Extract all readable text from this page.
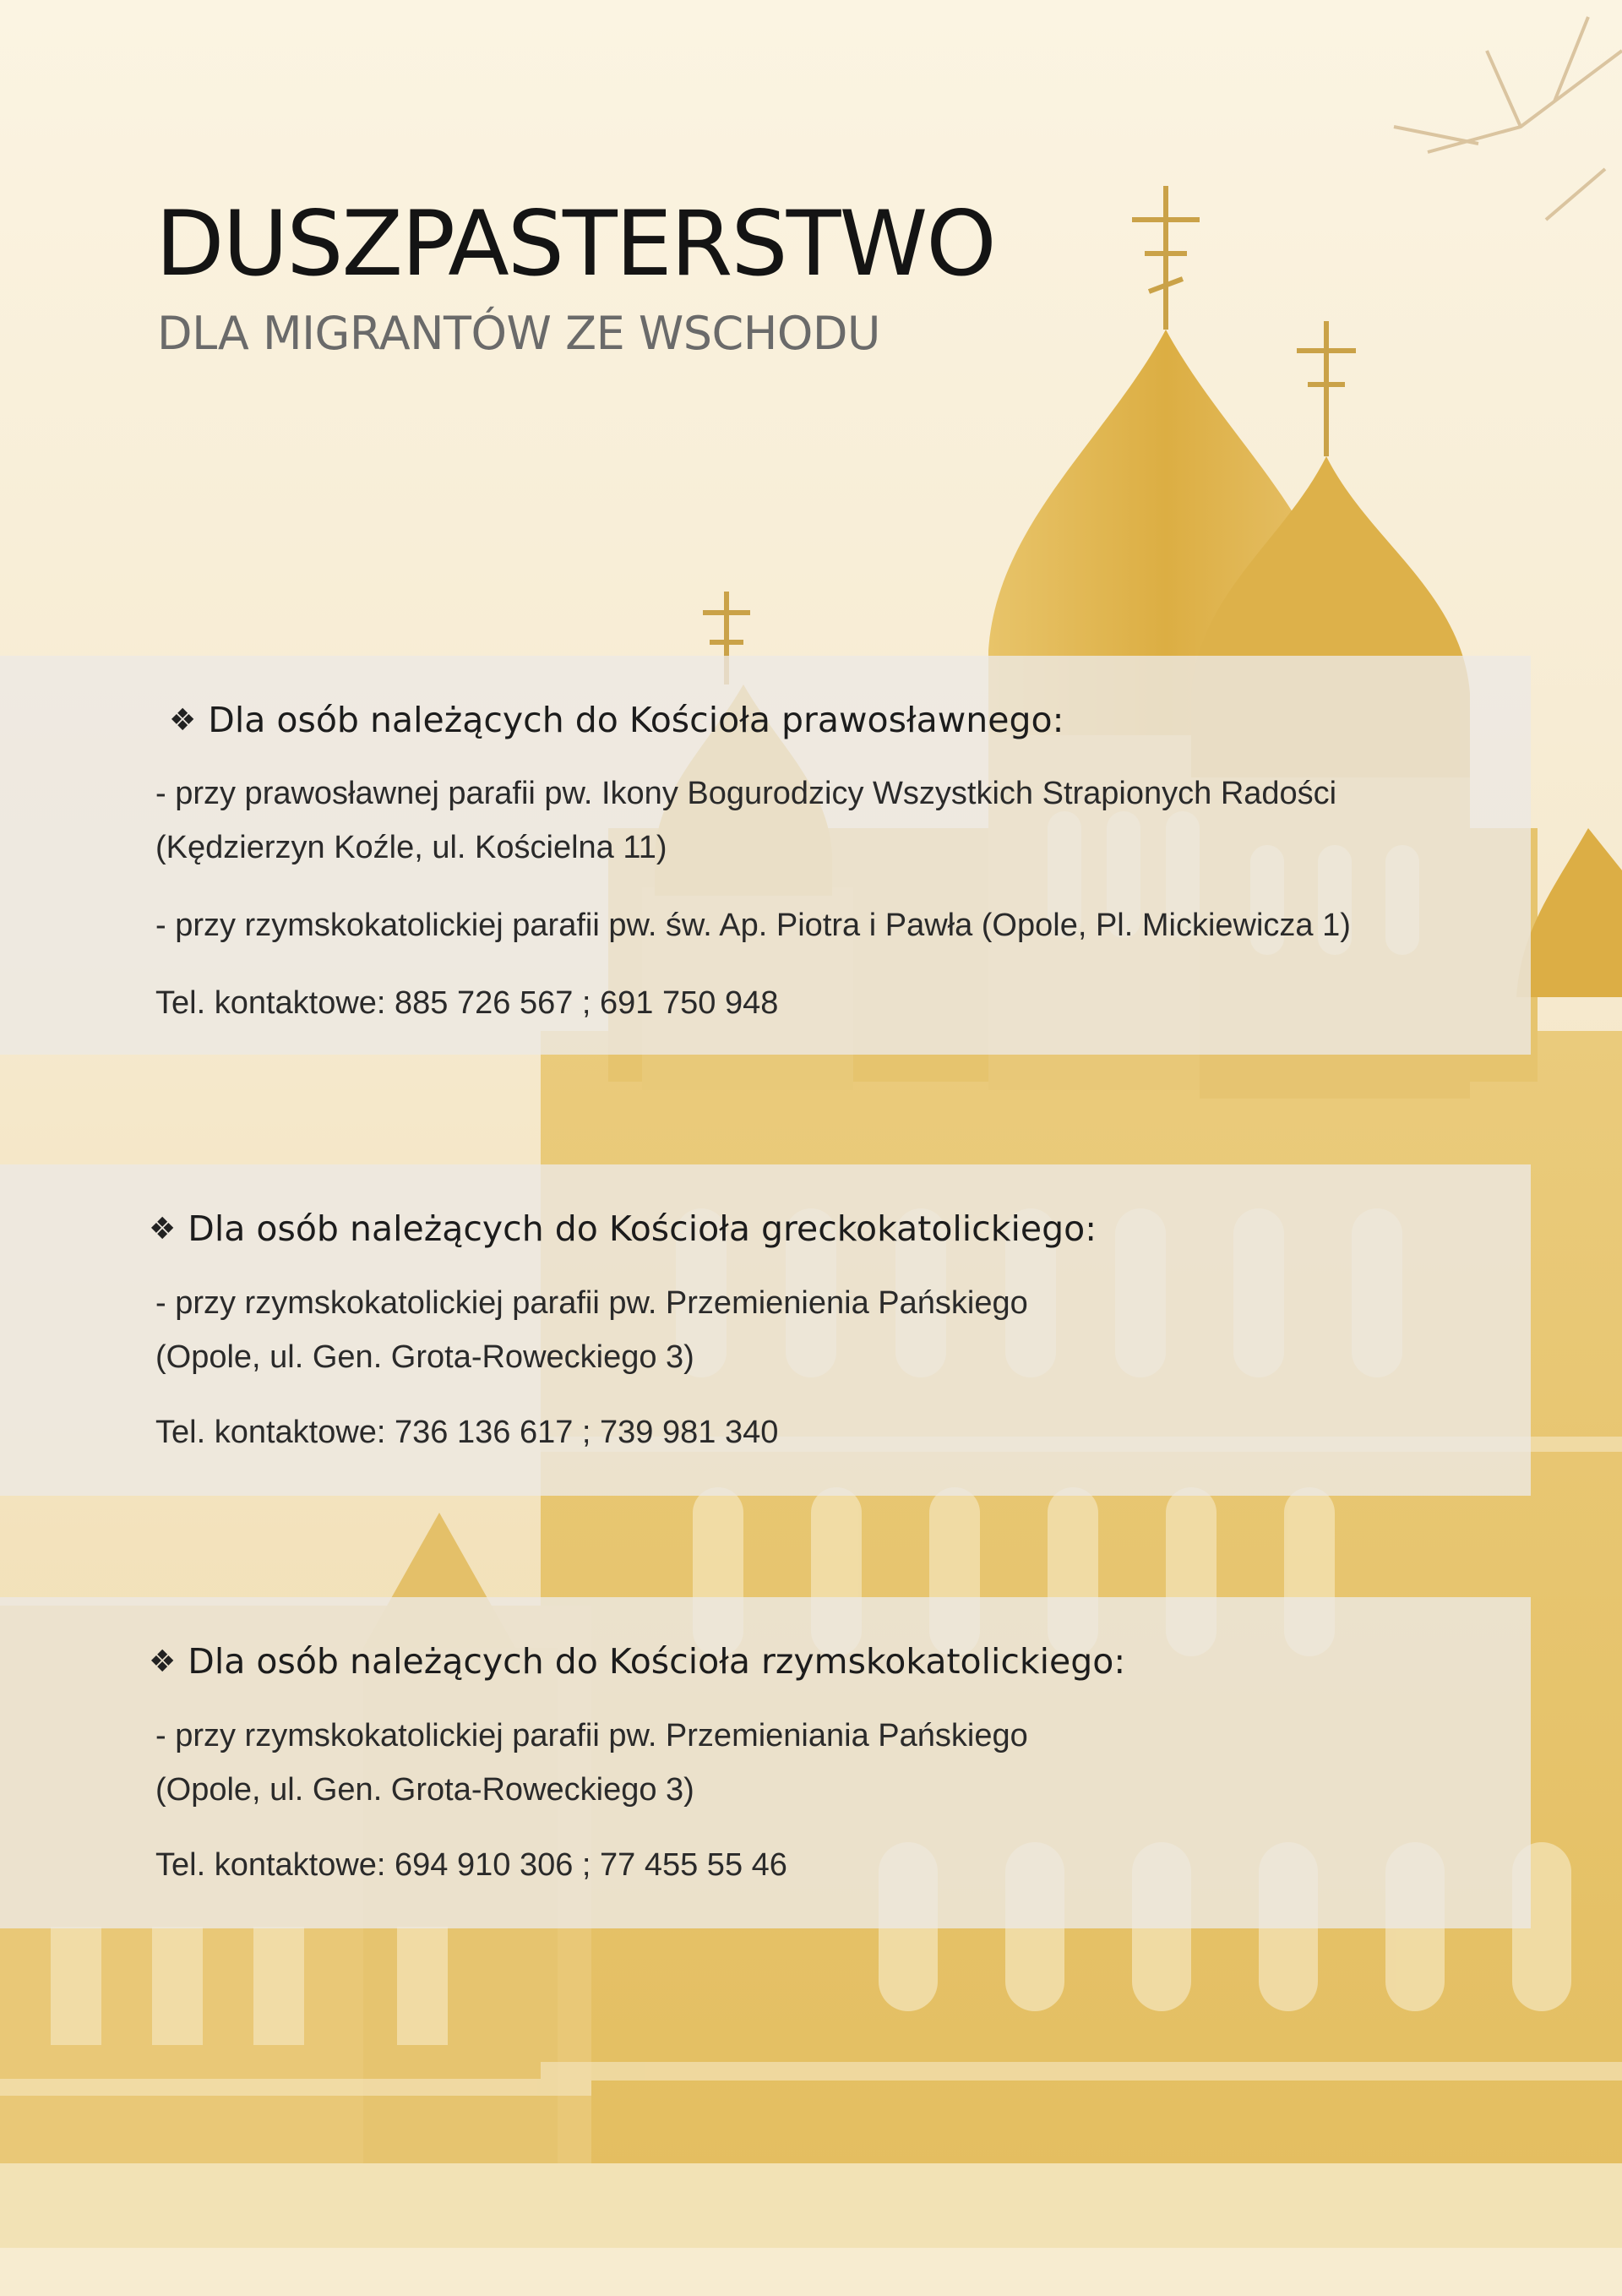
DUSZPASTERSTWO
DLA MIGRANTÓW ZE WSCHODU
❖ Dla osób należących do Kościoła prawosławnego:

- przy prawosławnej parafii pw. Ikony Bogurodzicy Wszystkich Strapionych Radości

(Kędzierzyn Koźle, ul. Kościelna 11)

- przy rzymskokatolickiej parafii pw. św. Ap. Piotra i Pawła (Opole, Pl. Mickiewicza 1)

Tel. kontaktowe: 885 726 567 ; 691 750 948

❖ Dla osób należących do Kościoła greckokatolickiego:

- przy rzymskokatolickiej parafii pw. Przemienienia Pańskiego

(Opole, ul. Gen. Grota-Roweckiego 3)

Tel. kontaktowe: 736 136 617 ; 739 981 340

❖ Dla osób należących do Kościoła rzymskokatolickiego:

- przy rzymskokatolickiej parafii pw. Przemieniania Pańskiego

(Opole, ul. Gen. Grota-Roweckiego 3)

Tel. kontaktowe: 694 910 306 ; 77 455 55 46
